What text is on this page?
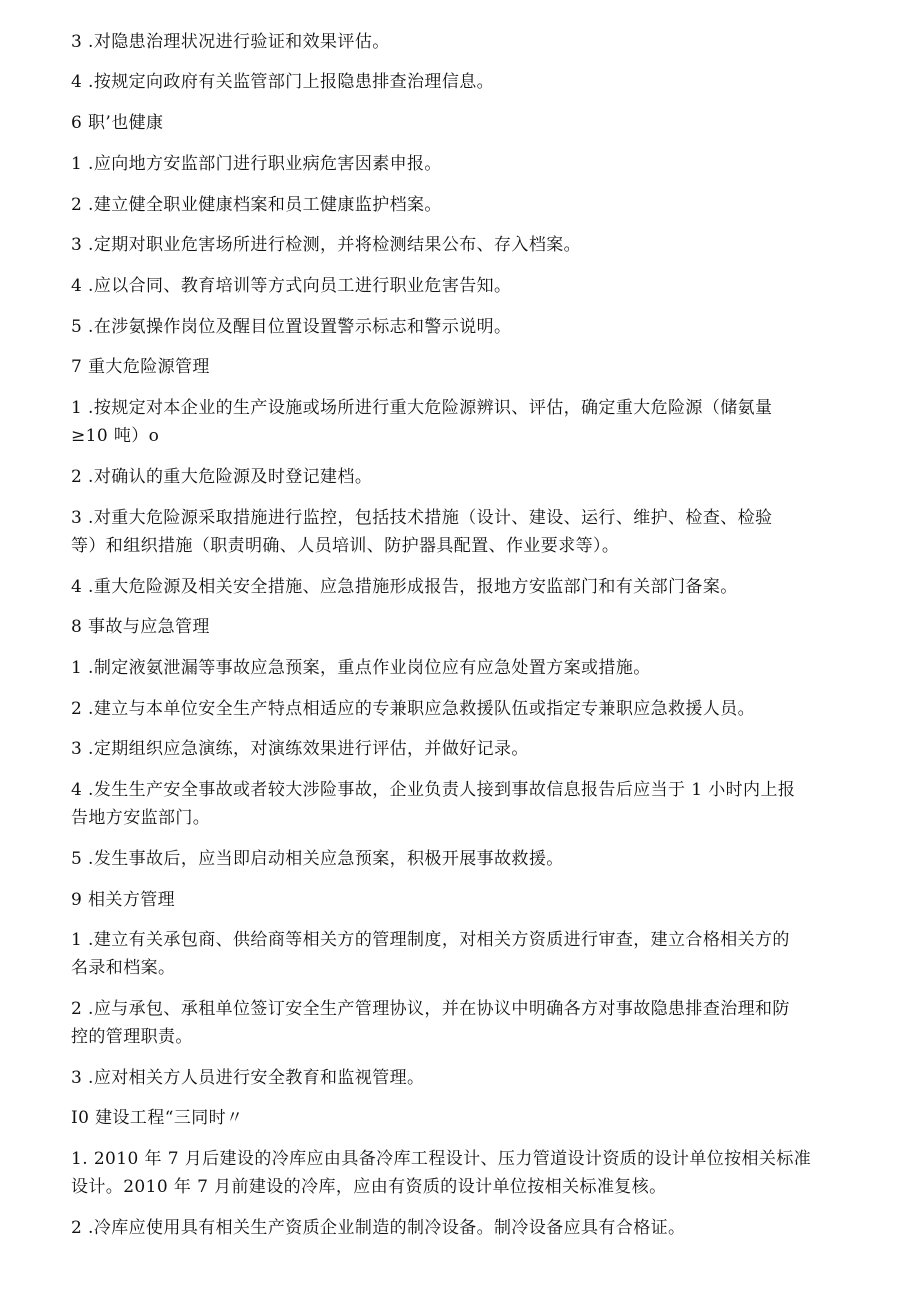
3 .对隐患治理状况进行验证和效果评估。
4 .按规定向政府有关监管部门上报隐患排查治理信息。
6 职’也健康
1 .应向地方安监部门进行职业病危害因素申报。
2 .建立健全职业健康档案和员工健康监护档案。
3 .定期对职业危害场所进行检测，并将检测结果公布、存入档案。
4 .应以合同、教育培训等方式向员工进行职业危害告知。
5 .在涉氨操作岗位及醒目位置设置警示标志和警示说明。
7 重大危险源管理
1 .按规定对本企业的生产设施或场所进行重大危险源辨识、评估，确定重大危险源（储氨量
≥10 吨）o
2 .对确认的重大危险源及时登记建档。
3 .对重大危险源采取措施进行监控，包括技术措施（设计、建设、运行、维护、检查、检验
等）和组织措施（职责明确、人员培训、防护器具配置、作业要求等）。
4 .重大危险源及相关安全措施、应急措施形成报告，报地方安监部门和有关部门备案。
8 事故与应急管理
1 .制定液氨泄漏等事故应急预案，重点作业岗位应有应急处置方案或措施。
2 .建立与本单位安全生产特点相适应的专兼职应急救援队伍或指定专兼职应急救援人员。
3 .定期组织应急演练，对演练效果进行评估，并做好记录。
4 .发生生产安全事故或者较大涉险事故，企业负责人接到事故信息报告后应当于 1 小时内上报
告地方安监部门。
5 .发生事故后，应当即启动相关应急预案，积极开展事故救援。
9 相关方管理
1 .建立有关承包商、供给商等相关方的管理制度，对相关方资质进行审查，建立合格相关方的
名录和档案。
2 .应与承包、承租单位签订安全生产管理协议，并在协议中明确各方对事故隐患排查治理和防
控的管理职责。
3 .应对相关方人员进行安全教育和监视管理。
I0 建设工程“三同时〃
1. 2010 年 7 月后建设的冷库应由具备冷库工程设计、压力管道设计资质的设计单位按相关标准
设计。2010 年 7 月前建设的冷库，应由有资质的设计单位按相关标准复核。
2 .冷库应使用具有相关生产资质企业制造的制冷设备。制冷设备应具有合格证。
